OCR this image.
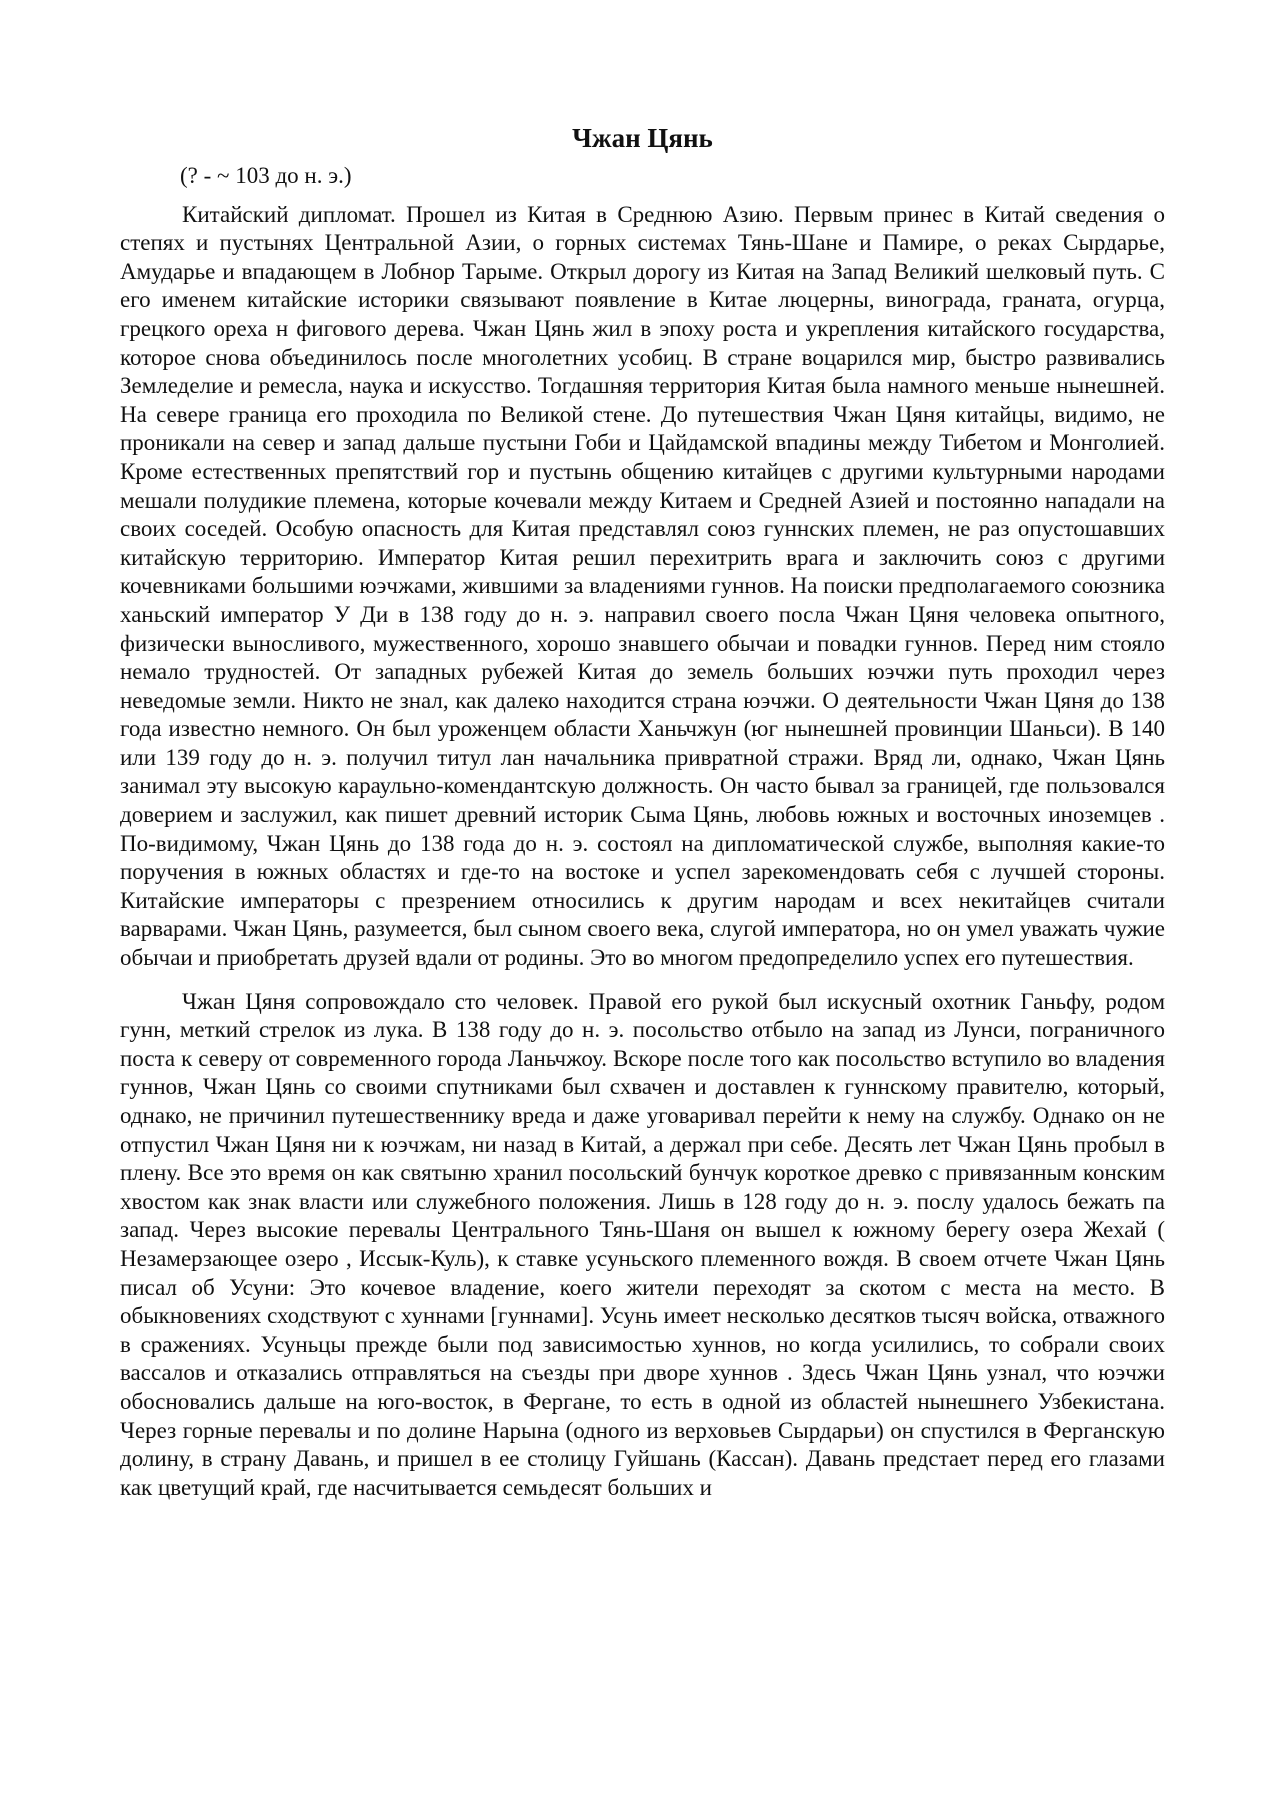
Чжан Цянь
(? - ~ 103 до н. э.)

Китайский дипломат. Прошел из Китая в Среднюю Азию. Первым принес в Китай сведения о степях и пустынях Центральной Азии, о горных системах Тянь-Шане и Памире, о реках Сырдарье, Амударье и впадающем в Лобнор Тарыме. Открыл дорогу из Китая на Запад Великий шелковый путь. С его именем китайские историки связывают появление в Китае люцерны, винограда, граната, огурца, грецкого ореха н фигового дерева. Чжан Цянь жил в эпоху роста и укрепления китайского государства, которое снова объединилось после многолетних усобиц. В стране воцарился мир, быстро развивались Земледелие и ремесла, наука и искусство. Тогдашняя территория Китая была намного меньше нынешней. На севере граница его проходила по Великой стене. До путешествия Чжан Цяня китайцы, видимо, не проникали на север и запад дальше пустыни Гоби и Цайдамской впадины между Тибетом и Монголией. Кроме естественных препятствий гор и пустынь общению китайцев с другими культурными народами мешали полудикие племена, которые кочевали между Китаем и Средней Азией и постоянно нападали на своих соседей. Особую опасность для Китая представлял союз гуннских племен, не раз опустошавших китайскую территорию. Император Китая решил перехитрить врага и заключить союз с другими кочевниками большими юэчжами, жившими за владениями гуннов. На поиски предполагаемого союзника ханьский император У Ди в 138 году до н. э. направил своего посла Чжан Цяня человека опытного, физически выносливого, мужественного, хорошо знавшего обычаи и повадки гуннов. Перед ним стояло немало трудностей. От западных рубежей Китая до земель больших юэчжи путь проходил через неведомые земли. Никто не знал, как далеко находится страна юэчжи. О деятельности Чжан Цяня до 138 года известно немного. Он был уроженцем области Ханьчжун (юг нынешней провинции Шаньси). В 140 или 139 году до н. э. получил титул лан начальника привратной стражи. Вряд ли, однако, Чжан Цянь занимал эту высокую караульно-комендантскую должность. Он часто бывал за границей, где пользовался доверием и заслужил, как пишет древний историк Сыма Цянь, любовь южных и восточных иноземцев . По-видимому, Чжан Цянь до 138 года до н. э. состоял на дипломатической службе, выполняя какие-то поручения в южных областях и где-то на востоке и успел зарекомендовать себя с лучшей стороны. Китайские императоры с презрением относились к другим народам и всех некитайцев считали варварами. Чжан Цянь, разумеется, был сыном своего века, слугой императора, но он умел уважать чужие обычаи и приобретать друзей вдали от родины. Это во многом предопределило успех его путешествия.

Чжан Цяня сопровождало сто человек. Правой его рукой был искусный охотник Ганьфу, родом гунн, меткий стрелок из лука. В 138 году до н. э. посольство отбыло на запад из Лунси, пограничного поста к северу от современного города Ланьчжоу. Вскоре после того как посольство вступило во владения гуннов, Чжан Цянь со своими спутниками был схвачен и доставлен к гуннскому правителю, который, однако, не причинил путешественнику вреда и даже уговаривал перейти к нему на службу. Однако он не отпустил Чжан Цяня ни к юэчжам, ни назад в Китай, а держал при себе. Десять лет Чжан Цянь пробыл в плену. Все это время он как святыню хранил посольский бунчук короткое древко с привязанным конским хвостом как знак власти или служебного положения. Лишь в 128 году до н. э. послу удалось бежать па запад. Через высокие перевалы Центрального Тянь-Шаня он вышел к южному берегу озера Жехай ( Незамерзающее озеро , Иссык-Куль), к ставке усуньского племенного вождя. В своем отчете Чжан Цянь писал об Усуни: Это кочевое владение, коего жители переходят за скотом с места на место. В обыкновениях сходствуют с хуннами [гуннами]. Усунь имеет несколько десятков тысяч войска, отважного в сражениях. Усуньцы прежде были под зависимостью хуннов, но когда усилились, то собрали своих вассалов и отказались отправляться на съезды при дворе хуннов . Здесь Чжан Цянь узнал, что юэчжи обосновались дальше на юго-восток, в Фергане, то есть в одной из областей нынешнего Узбекистана. Через горные перевалы и по долине Нарына (одного из верховьев Сырдарьи) он спустился в Ферганскую долину, в страну Давань, и пришел в ее столицу Гуйшань (Кассан). Давань предстает перед его глазами как цветущий край, где насчитывается семьдесят больших и
